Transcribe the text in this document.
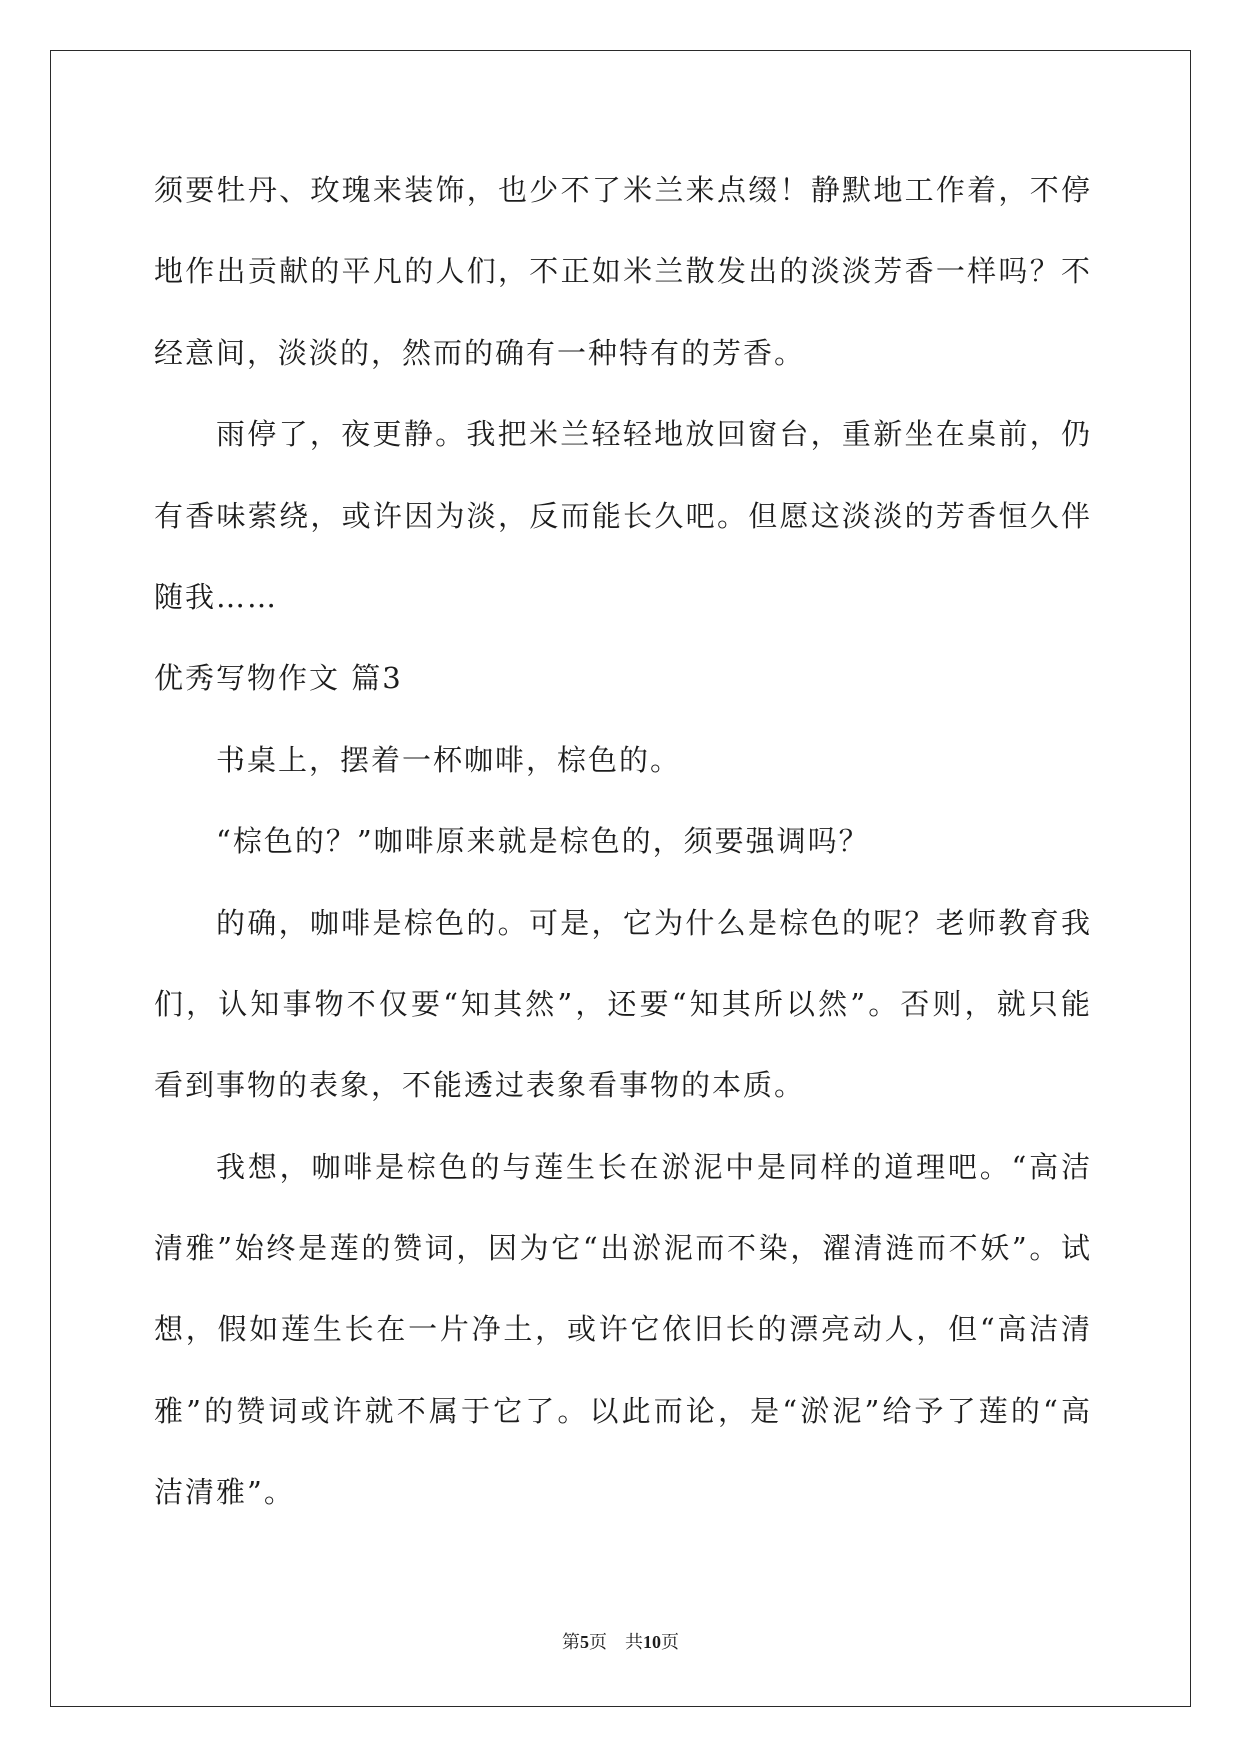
须要牡丹、玫瑰来装饰，也少不了米兰来点缀！静默地工作着，不停
地作出贡献的平凡的人们，不正如米兰散发出的淡淡芳香一样吗？不
经意间，淡淡的，然而的确有一种特有的芳香。
雨停了，夜更静。我把米兰轻轻地放回窗台，重新坐在桌前，仍
有香味萦绕，或许因为淡，反而能长久吧。但愿这淡淡的芳香恒久伴
随我……
优秀写物作文 篇3
书桌上，摆着一杯咖啡，棕色的。
“棕色的？”咖啡原来就是棕色的，须要强调吗？
的确，咖啡是棕色的。可是，它为什么是棕色的呢？老师教育我
们，认知事物不仅要“知其然”，还要“知其所以然”。否则，就只能
看到事物的表象，不能透过表象看事物的本质。
我想，咖啡是棕色的与莲生长在淤泥中是同样的道理吧。“高洁
清雅”始终是莲的赞词，因为它“出淤泥而不染，濯清涟而不妖”。试
想，假如莲生长在一片净土，或许它依旧长的漂亮动人，但“高洁清
雅”的赞词或许就不属于它了。以此而论，是“淤泥”给予了莲的“高
洁清雅”。
第5页 共10页
